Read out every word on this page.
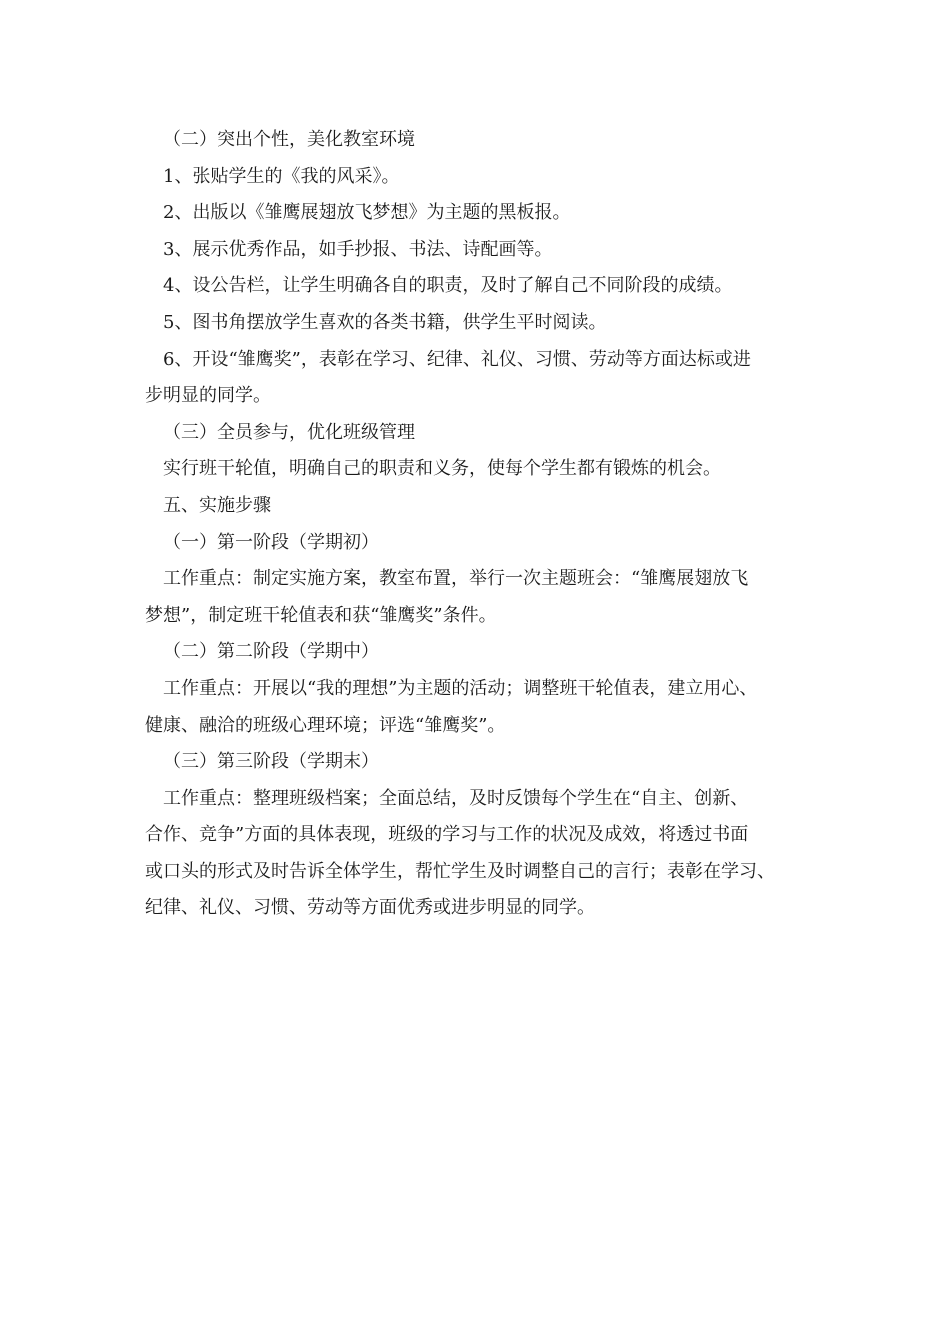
（二）突出个性，美化教室环境
1、张贴学生的《我的风采》。
2、出版以《雏鹰展翅放飞梦想》为主题的黑板报。
3、展示优秀作品，如手抄报、书法、诗配画等。
4、设公告栏，让学生明确各自的职责，及时了解自己不同阶段的成绩。
5、图书角摆放学生喜欢的各类书籍，供学生平时阅读。
6、开设“雏鹰奖”，表彰在学习、纪律、礼仪、习惯、劳动等方面达标或进
步明显的同学。
（三）全员参与，优化班级管理
实行班干轮值，明确自己的职责和义务，使每个学生都有锻炼的机会。
五、实施步骤
（一）第一阶段（学期初）
工作重点：制定实施方案，教室布置，举行一次主题班会：“雏鹰展翅放飞
梦想”，制定班干轮值表和获“雏鹰奖”条件。
（二）第二阶段（学期中）
工作重点：开展以“我的理想”为主题的活动；调整班干轮值表，建立用心、
健康、融洽的班级心理环境；评选“雏鹰奖”。
（三）第三阶段（学期末）
工作重点：整理班级档案；全面总结，及时反馈每个学生在“自主、创新、
合作、竞争”方面的具体表现，班级的学习与工作的状况及成效，将透过书面
或口头的形式及时告诉全体学生，帮忙学生及时调整自己的言行；表彰在学习、
纪律、礼仪、习惯、劳动等方面优秀或进步明显的同学。
